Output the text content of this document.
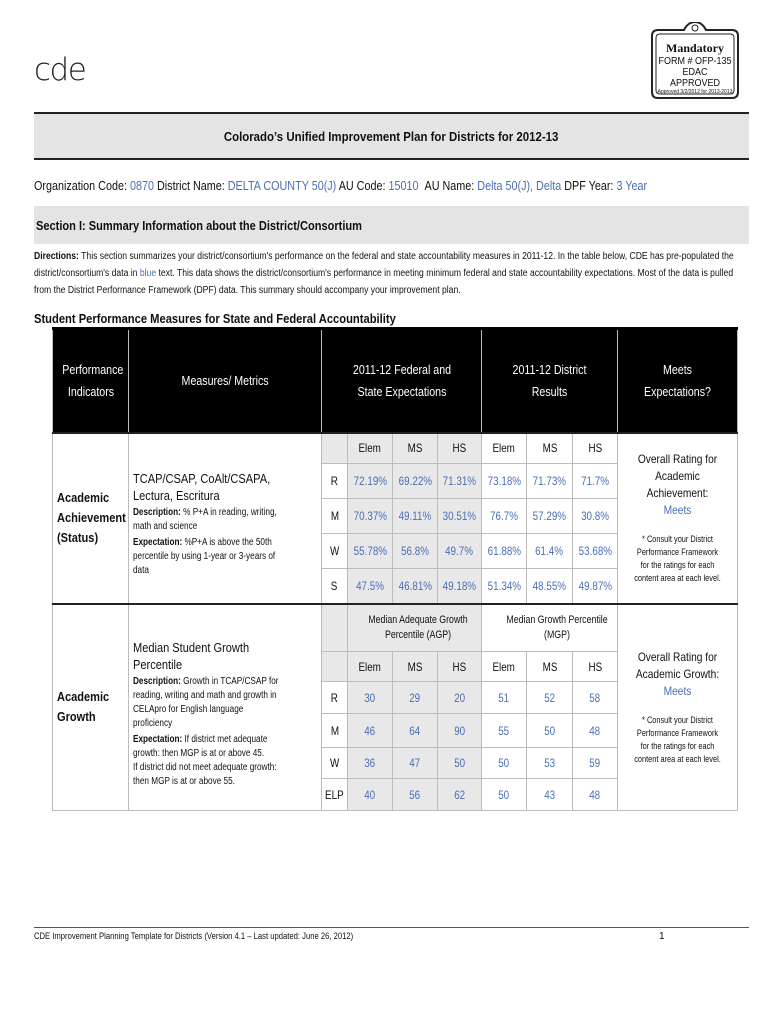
cde
Mandatory
FORM # OFP-135
EDAC APPROVED
Approved 3/2/2012 for 2013-2013
Colorado’s Unified Improvement Plan for Districts for 2012-13
Organization Code: 0870 District Name: DELTA COUNTY 50(J) AU Code: 15010 AU Name: Delta 50(J), Delta DPF Year: 3 Year
Section I: Summary Information about the District/Consortium
Directions: This section summarizes your district/consortium's performance on the federal and state accountability measures in 2011-12. In the table below, CDE has pre-populated the district/consortium's data in blue text. This data shows the district/consortium's performance in meeting minimum federal and state accountability expectations. Most of the data is pulled from the District Performance Framework (DPF) data. This summary should accompany your improvement plan.
Student Performance Measures for State and Federal Accountability
Performance Indicators	Measures/ Metrics	2011-12 Federal and State Expectations				2011-12 District Results			Meets Expectations?
Academic Achievement (Status)	TCAP/CSAP, CoAlt/CSAPA, Lectura, Escritura
Description: % P+A in reading, writing, math and science
Expectation: %P+A is above the 50th percentile by using 1-year or 3-years of data		Elem	MS	HS	Elem	MS	HS	Overall Rating for Academic Achievement:
Meets
* Consult your District Performance Framework for the ratings for each content area at each level.

		R	72.19%	69.22%	71.31%	73.18%	71.73%	71.7%	
		M	70.37%	49.11%	30.51%	76.7%	57.29%	30.8%	
		W	55.78%	56.8%	49.7%	61.88%	61.4%	53.68%	
		S	47.5%	46.81%	49.18%	51.34%	48.55%	49.87%	
Academic Growth	Median Student Growth Percentile
Description: Growth in TCAP/CSAP for reading, writing and math and growth in CELApro for English language proficiency
Expectation: If district met adequate growth: then MGP is at or above 45.
If district did not meet adequate growth: then MGP is at or above 55.		Median Adequate Growth Percentile (AGP)			Median Growth Percentile (MGP)			Overall Rating for Academic Growth: Meets
* Consult your District Performance Framework for the ratings for each content area at each level.

			Elem	MS	HS	Elem	MS	HS	
		R	30	29	20	51	52	58	
		M	46	64	90	55	50	48	
		W	36	47	50	50	53	59	
		ELP	40	56	62	50	43	48	
CDE Improvement Planning Template for Districts (Version 4.1 – Last updated: June 26, 2012)	1
